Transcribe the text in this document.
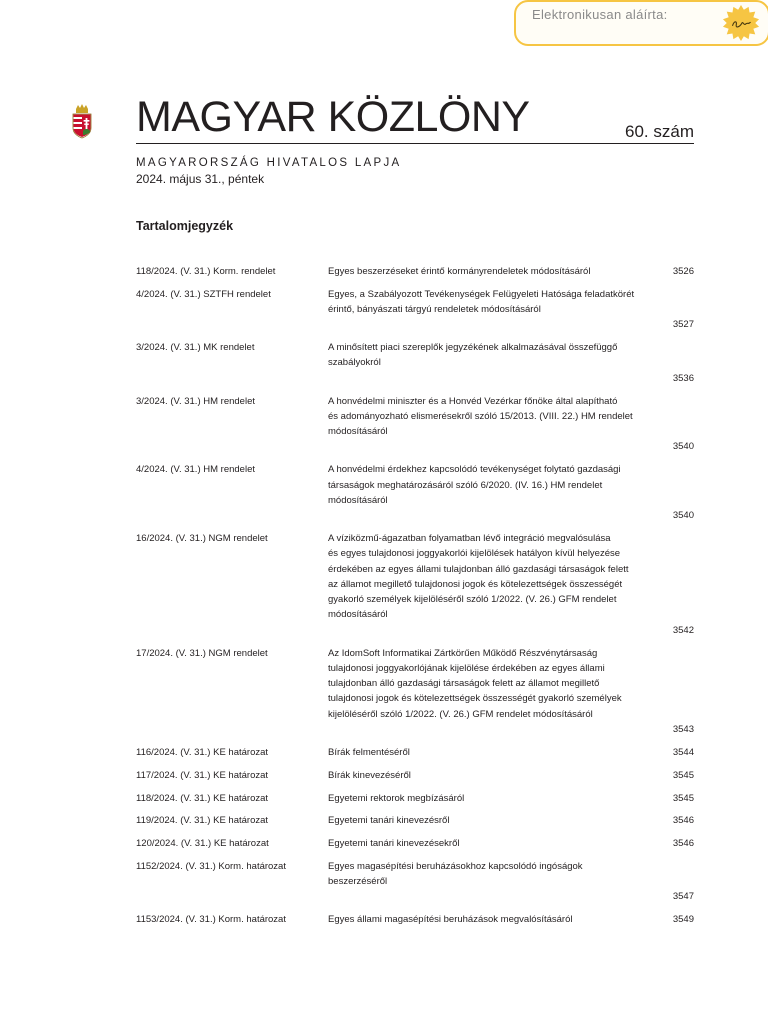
Elektronikusan aláírta:
MAGYAR KÖZLÖNY	60. szám
MAGYARORSZÁG HIVATALOS LAPJA
2024. május 31., péntek
Tartalomjegyzék
118/2024. (V. 31.) Korm. rendelet	Egyes beszerzéseket érintő kormányrendeletek módosításáról	3526
4/2024. (V. 31.) SZTFH rendelet	Egyes, a Szabályozott Tevékenységek Felügyeleti Hatósága feladatkörét
érintő, bányászati tárgyú rendeletek módosításáról
3527
3/2024. (V. 31.) MK rendelet	A minősített piaci szereplők jegyzékének alkalmazásával összefüggő
szabályokról
3536
3/2024. (V. 31.) HM rendelet	A honvédelmi miniszter és a Honvéd Vezérkar főnöke által alapítható
és adományozható elismerésekről szóló 15/2013. (VIII. 22.) HM rendelet
módosításáról
3540
4/2024. (V. 31.) HM rendelet	A honvédelmi érdekhez kapcsolódó tevékenységet folytató gazdasági
társaságok meghatározásáról szóló 6/2020. (IV. 16.) HM rendelet
módosításáról
3540
16/2024. (V. 31.) NGM rendelet	A víziközmű-ágazatban folyamatban lévő integráció megvalósulása
és egyes tulajdonosi joggyakorlói kijelölések hatályon kívül helyezése
érdekében az egyes állami tulajdonban álló gazdasági társaságok felett
az államot megillető tulajdonosi jogok és kötelezettségek összességét
gyakorló személyek kijelöléséről szóló 1/2022. (V. 26.) GFM rendelet
módosításáról
3542
17/2024. (V. 31.) NGM rendelet	Az IdomSoft Informatikai Zártkörűen Működő Részvénytársaság
tulajdonosi joggyakorlójának kijelölése érdekében az egyes állami
tulajdonban álló gazdasági társaságok felett az államot megillető
tulajdonosi jogok és kötelezettségek összességét gyakorló személyek
kijelöléséről szóló 1/2022. (V. 26.) GFM rendelet módosításáról
3543
116/2024. (V. 31.) KE határozat	Bírák felmentéséről	3544
117/2024. (V. 31.) KE határozat	Bírák kinevezéséről	3545
118/2024. (V. 31.) KE határozat	Egyetemi rektorok megbízásáról	3545
119/2024. (V. 31.) KE határozat	Egyetemi tanári kinevezésről	3546
120/2024. (V. 31.) KE határozat	Egyetemi tanári kinevezésekről	3546
1152/2024. (V. 31.) Korm. határozat	Egyes magasépítési beruházásokhoz kapcsolódó ingóságok
beszerzéséről
3547
1153/2024. (V. 31.) Korm. határozat	Egyes állami magasépítési beruházások megvalósításáról	3549
